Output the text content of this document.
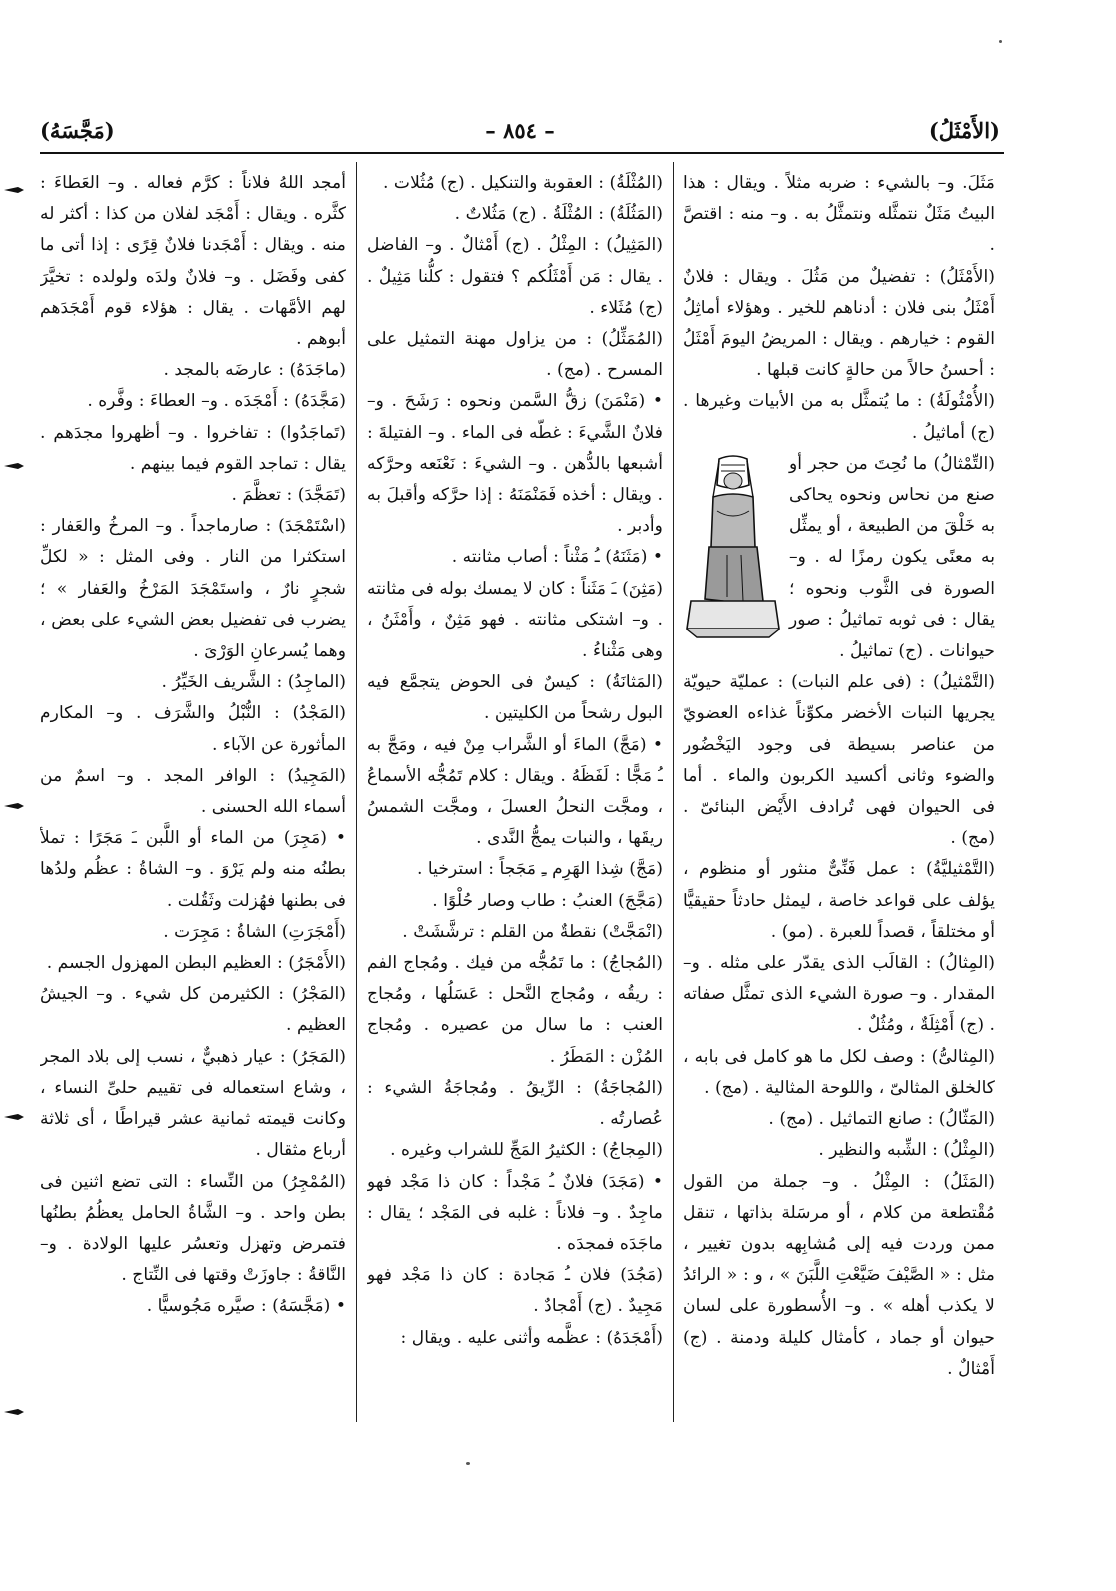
(الأَمْثَلُ)
– ٨٥٤ –
(مَجَّسَهُ)

مَثَلَ. و– بالشيء : ضربه مثلاً . ويقال : هذا البيتُ مَثَلٌ نتمثَّله ونتمثَّلُ به . و– منه : اقتصَّ .

(الأَمْثَلُ) : تفضيلٌ من مَثُلَ . ويقال : فلانٌ أَمْثَلُ بنى فلان : أدناهم للخير . وهؤلاء أماثِلُ القوم : خيارهم . ويقال : المريضُ اليومَ أَمْثَلُ : أحسنُ حالاً من حالةٍ كانت قبلها .

(الأُمْثُولَةُ) : ما يُتمثَّل به من الأبيات وغيرها . (ج) أماثيلُ .

(التِّمْثالُ) ما نُحِتَ من حجر أو صنع من نحاس ونحوه يحاكى به خَلْقَ من الطبيعة ، أو يمثِّل به معنًى يكون رمزًا له . و– الصورة فى الثَّوب ونحوه ؛ يقال : فى ثوبه تماثيلُ : صور حيوانات . (ج) تماثيلُ .

(التَّمْثيلُ) : (فى علم النبات) : عمليّة حيويّة يجريها النبات الأخضر مكوِّناً غذاءه العضويّ من عناصر بسيطة فى وجود اليَخْضُور والضوء وثانى أكسيد الكربون والماء . أما فى الحيوان فهى تُرادف الأَيْض البنائىّ . (مج) .

(التَّمْثيليَّةُ) : عمل فَنِّىٌّ منثور أو منظوم ، يؤلف على قواعد خاصة ، ليمثل حادثاً حقيقيًّا أو مختلقاً ، قصداً للعبرة . (مو) .

(المِثالُ) : القالَب الذى يقدّر على مثله . و– المقدار . و– صورة الشيء الذى تمثَّل صفاته . (ج) أَمْثِلَةٌ ، ومُثُلٌ .

(المِثالىُّ) : وصف لكل ما هو كامل فى بابه ، كالخلق المثالىّ ، واللوحة المثالية . (مج) .

(المَثّالُ) : صانع التماثيل . (مج) .

(المِثْلُ) : الشِّبه والنظير .

(المَثَلُ) : المِثْلُ . و– جملة من القول مُقْتطعة من كلام ، أو مرسَلة بذاتها ، تنقل ممن وردت فيه إلى مُشابِهه بدون تغيير ، مثل : « الصَّيْفَ ضَيَّعْتِ اللَّبَنَ » ، و : « الرائدُ لا يكذب أهله » . و– الأُسطورة على لسان حيوان أو جماد ، كأمثال كليلة ودمنة . (ج) أَمْثالٌ .

(المُثْلَةُ) : العقوبة والتنكيل . (ج) مُثُلات .

(المَثُلَةُ) : المُثْلَةُ . (ج) مَثُلاتٌ .

(المَثِيلُ) : المِثْلُ . (ج) أَمْثالٌ . و– الفاضل . يقال : مَن أَمْثَلُكم ؟ فتقول : كلُّنا مَثِيلٌ . (ج) مُثَلاء .

(المُمَثِّلُ) : من يزاول مهنة التمثيل على المسرح . (مج) .

• (مَنْمَنَ) زقُّ السَّمن ونحوه : رَشَحَ . و– فلانٌ الشَّيءَ : غطّه فى الماء . و– الفتيلةَ : أشبعها بالدُّهن . و– الشيءَ : نَعْنَعه وحرَّكه . ويقال : أخذه فَمَنْمَنَهُ : إذا حرَّكه وأقبلَ به وأدبر .

• (مَثَنَهُ) ـُ مَثْناً : أصاب مثانته .

(مَثِنَ) ـَ مَثَناً : كان لا يمسك بوله فى مثانته . و– اشتكى مثانته . فهو مَثِنٌ ، وأَمْثَنُ ، وهى مَثْناءُ .

(المَثانَةُ) : كيسٌ فى الحوض يتجمَّع فيه البول رشحاً من الكليتين .

• (مَجَّ) الماءَ أو الشَّراب مِنْ فيه ، ومَجَّ به ـُ مَجًّا : لَفَظَهُ . ويقال : كلام تَمُجُّه الأسماعُ ، ومجَّت النحلُ العسلَ ، ومجَّت الشمسُ ريقَها ، والنبات يمجُّ النَّدى .

(مَجَّ) شِذا الهَرِم ـِ مَجَجاً : استرخيا .

(مَجَّجَ) العنبُ : طاب وصار حُلْوًا .

(انْمَجَّتْ) نقطةٌ من القلم : ترشَّشَتْ .

(المُجاجُ) : ما تَمُجُّه من فيك . ومُجاج الفم : ريقُه ، ومُجاج النَّحل : عَسَلُها ، ومُجاج العنب : ما سال من عصيره . ومُجاج المُزْن : المَطَرُ .

(المُجاجَةُ) : الرِّيقُ . ومُجاجَةُ الشيء : عُصارتُه .

(المِجاجُ) : الكثيرُ المَجِّ للشراب وغيره .

• (مَجَدَ) فلانٌ ـُ مَجْداً : كان ذا مَجْد فهو ماجِدٌ . و– فلاناً : غلبه فى المَجْد ؛ يقال : ماجَدَه فمجدَه .

(مَجُدَ) فلان ـُ مَجادة : كان ذا مَجْد فهو مَجِيدٌ . (ج) أَمْجادٌ .

(أَمْجَدَهُ) : عظَّمه وأثنى عليه . ويقال :

أمجد اللهُ فلاناً : كرَّم فعاله . و– العَطاءَ : كثَّره . ويقال : أَمْجَد لفلان من كذا : أكثر له منه . ويقال : أَمْجَدنا فلانٌ قِرًى : إذا أتى ما كفى وفَضَل . و– فلانٌ ولدَه ولولده : تخيَّرَ لهم الأمَّهات . يقال : هؤلاء قوم أَمْجَدَهم أبوهم .

(ماجَدَهُ) : عارضَه بالمجد .

(مَجَّدَهُ) : أَمْجَدَه . و– العطاءَ : وفَّره .

(تَماجَدُوا) : تفاخروا . و– أظهروا مجدَهم . يقال : تماجد القوم فيما بينهم .

(تَمَجَّدَ) : تعظَّمَ .

(اسْتَمْجَدَ) : صارماجداً . و– المرخُ والعَفار : استكثرا من النار . وفى المثل : « لكلِّ شجرٍ نارٌ ، واستَمْجَدَ المَرْخُ والعَفار » ؛ يضرب فى تفضيل بعض الشيء على بعض ، وهما يُسرعانِ الوَرْىَ .

(الماجِدُ) : الشَّريف الخَيِّرُ .

(المَجْدُ) : النُّبْلُ والشَّرَف . و– المكارم المأثورة عن الآباء .

(المَجِيدُ) : الوافر المجد . و– اسمٌ من أسماء الله الحسنى .

• (مَجِرَ) من الماء أو اللَّبن ـَ مَجَرًا : تملأ بطنُه منه ولم يَرْوَ . و– الشاةُ : عظُم ولدُها فى بطنها فهُزلت وثَقُلت .

(أَمْجَرَتِ) الشاةُ : مَجِرَت .

(الأَمْجَرُ) : العظيم البطن المهزول الجسم .

(المَجْرُ) : الكثيرمن كل شيء . و– الجيشُ العظيم .

(المَجَرُ) : عيار ذهبيٌّ ، نسب إلى بلاد المجر ، وشاع استعماله فى تقييم حلىِّ النساء ، وكانت قيمته ثمانية عشر قيراطًا ، أى ثلاثة أرباع مثقال .

(المُمْجِرُ) من النِّساء : التى تضع اثنين فى بطن واحد . و– الشَّاةُ الحامل يعظُمُ بطنُها فتمرض وتهزل وتعسُر عليها الولادة . و– النَّاقةُ : جاوزَتْ وقتها فى النِّتاج .

• (مَجَّسَهُ) : صيَّره مَجُوسيًّا .
